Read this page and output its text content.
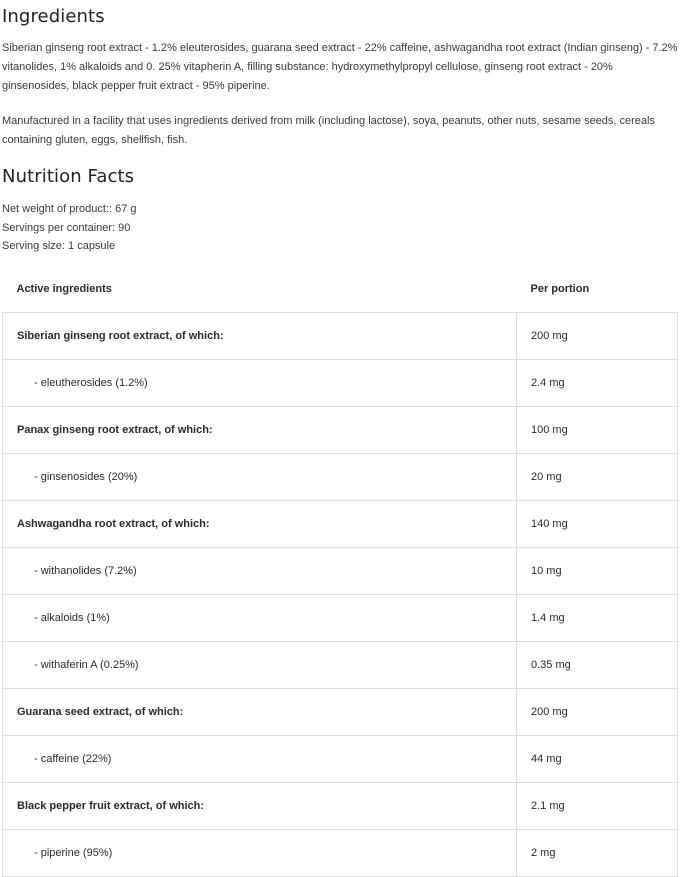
Ingredients

Siberian ginseng root extract - 1.2% eleuterosides, guarana seed extract - 22% caffeine, ashwagandha root extract (Indian ginseng) - 7.2% vitanolides, 1% alkaloids and 0. 25% vitapherin A, filling substance: hydroxymethylpropyl cellulose, ginseng root extract - 20% ginsenosides, black pepper fruit extract - 95% piperine.

Manufactured in a facility that uses ingredients derived from milk (including lactose), soya, peanuts, other nuts, sesame seeds, cereals containing gluten, eggs, shellfish, fish.

Nutrition Facts
Net weight of product:: 67 g
Servings per container: 90
Serving size: 1 capsule
Active ingredients	Per portion
Siberian ginseng root extract, of which:	200 mg
- eleutherosides (1.2%)	2.4 mg
Panax ginseng root extract, of which:	100 mg
- ginsenosides (20%)	20 mg
Ashwagandha root extract, of which:	140 mg
- withanolides (7.2%)	10 mg
- alkaloids (1%)	1.4 mg
- withaferin A (0.25%)	0.35 mg
Guarana seed extract, of which:	200 mg
- caffeine (22%)	44 mg
Black pepper fruit extract, of which:	2.1 mg
- piperine (95%)	2 mg
